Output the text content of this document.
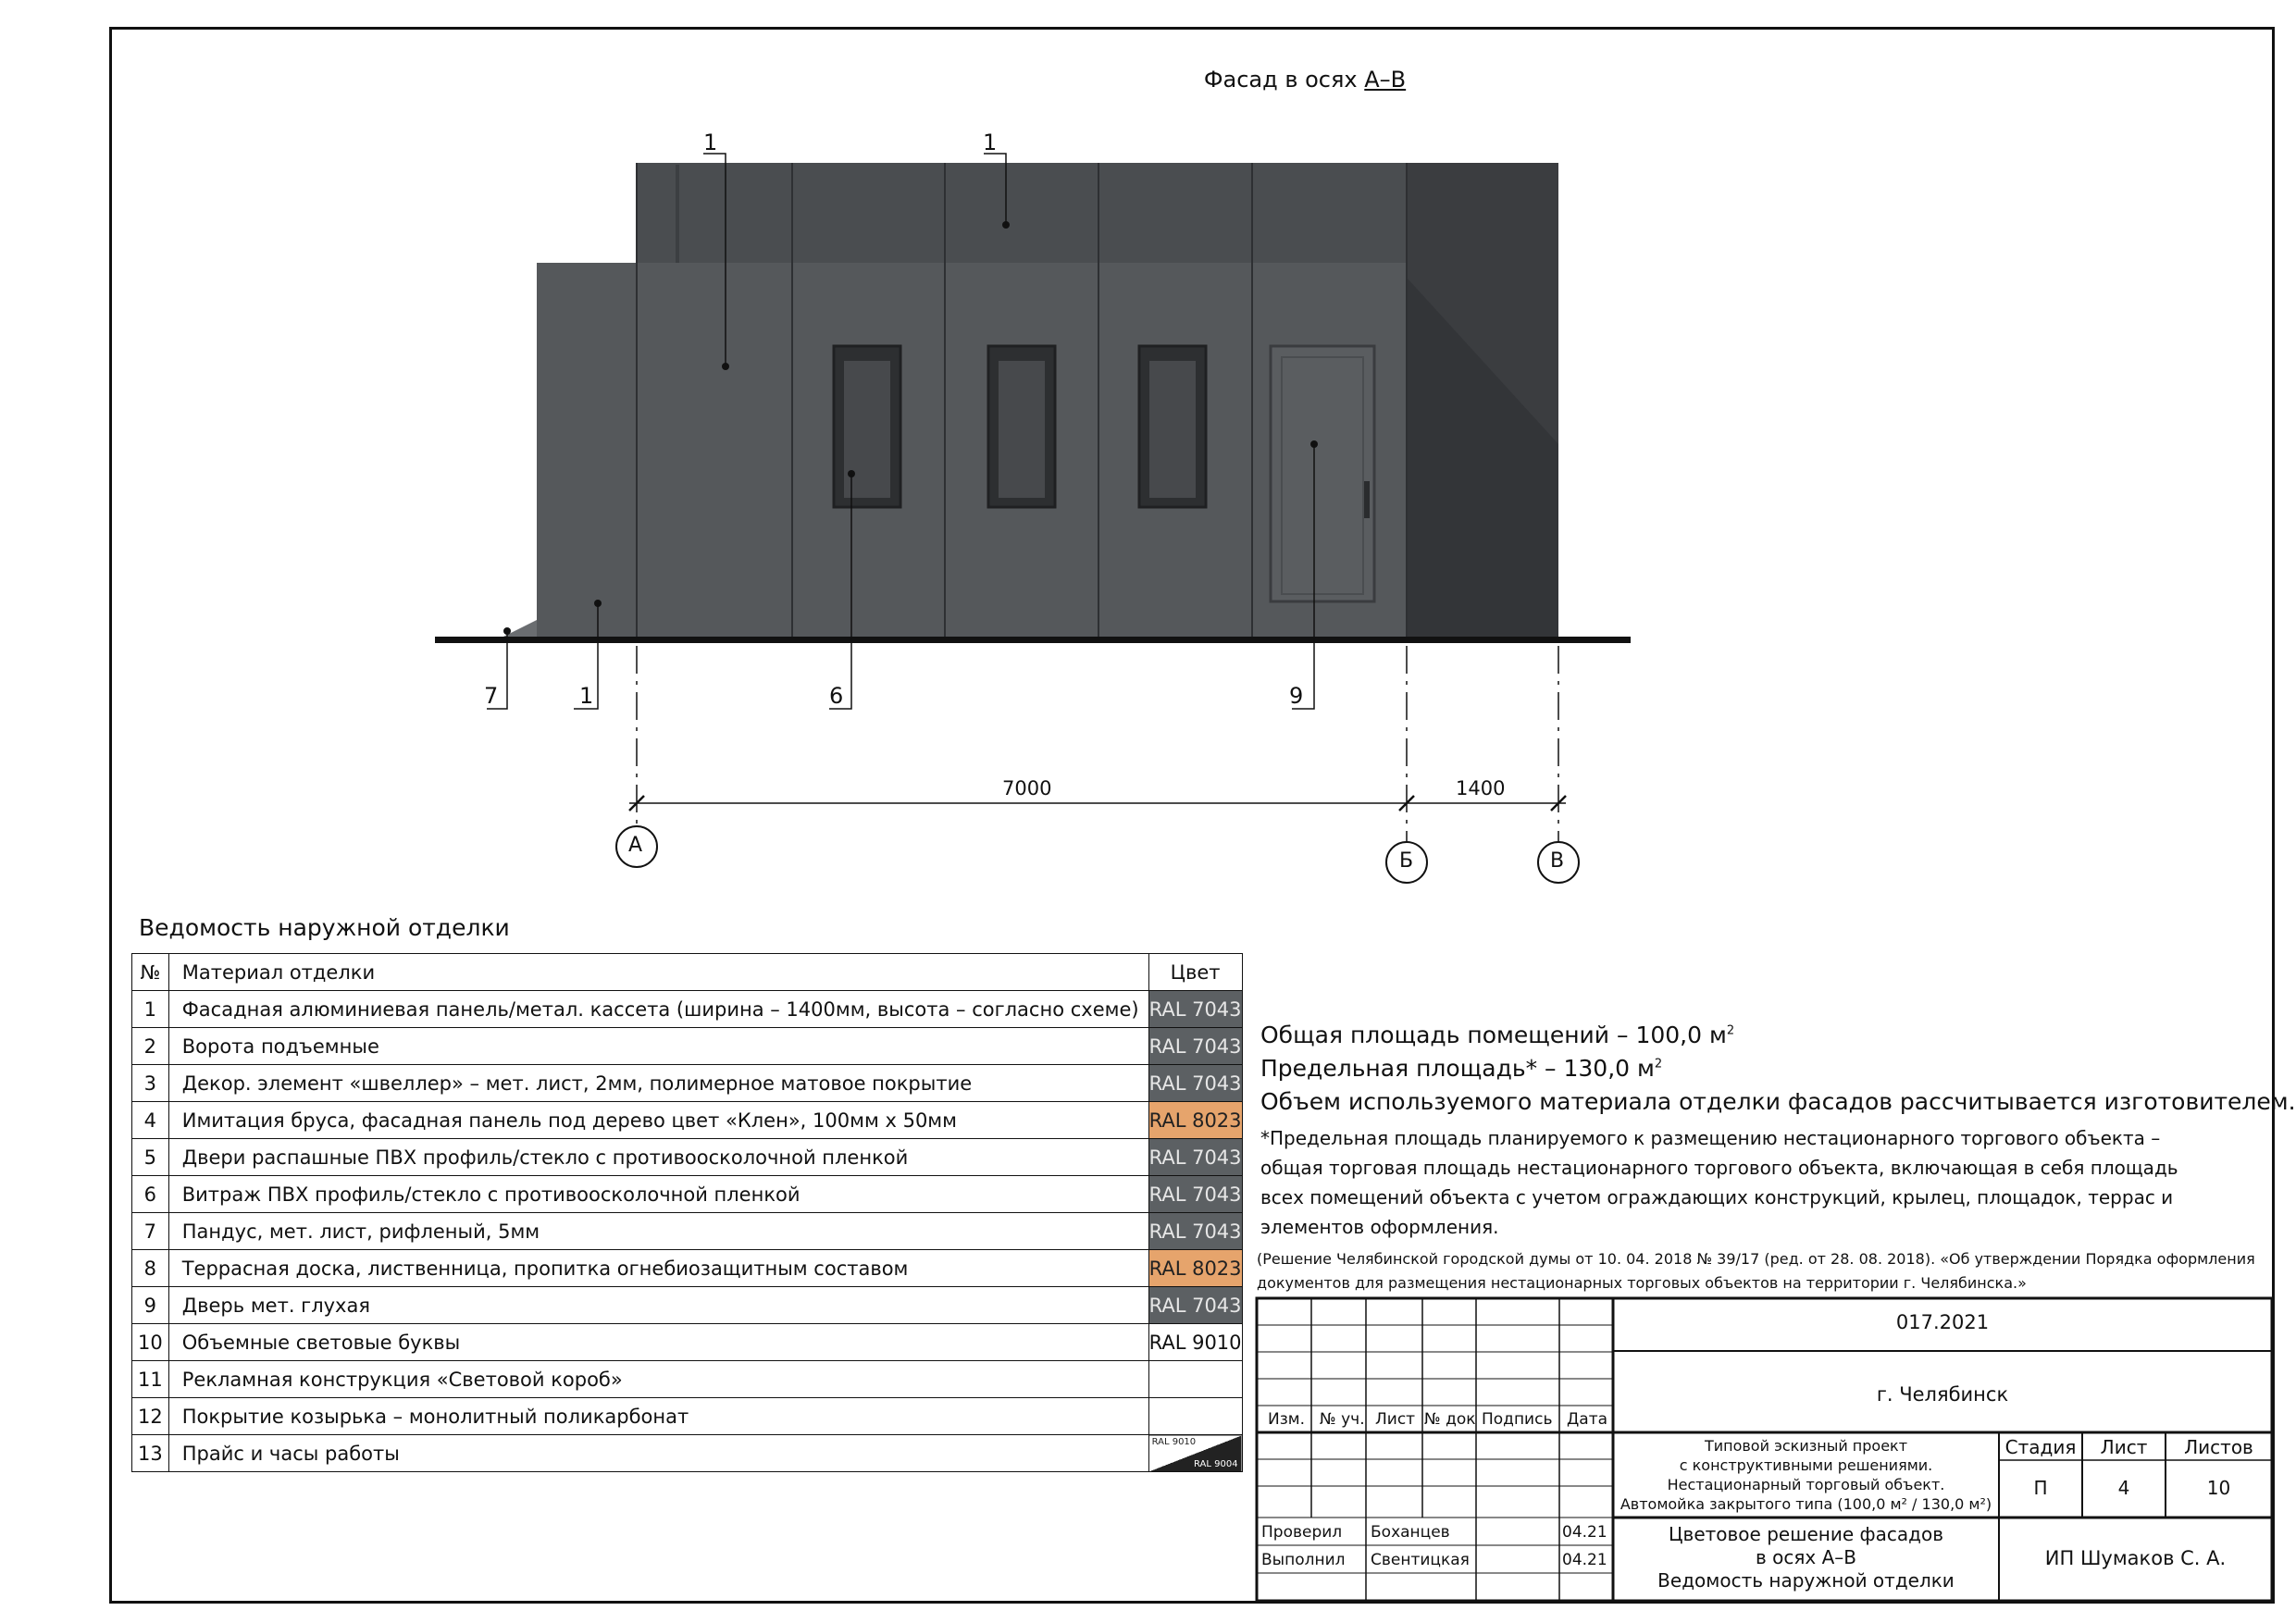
Фасад в осях А–В
1	1
7	1	6	9
7000	1400
А
Б	В
Ведомость наружной отделки
№	Материал отделки	Цвет
1	Фасадная алюминиевая панель/метал. кассета (ширина – 1400мм, высота – согласно схеме)	RAL 7043
2	Ворота подъемные	RAL 7043
3	Декор. элемент «швеллер» – мет. лист, 2мм, полимерное матовое покрытие	RAL 7043
4	Имитация бруса, фасадная панель под дерево цвет «Клен», 100мм х 50мм	RAL 8023
5	Двери распашные ПВХ профиль/стекло с противоосколочной пленкой	RAL 7043
6	Витраж ПВХ профиль/стекло с противоосколочной пленкой	RAL 7043
7	Пандус, мет. лист, рифленый, 5мм	RAL 7043
8	Террасная доска, лиственница, пропитка огнебиозащитным составом	RAL 8023
9	Дверь мет. глухая	RAL 7043
10	Объемные световые буквы	RAL 9010
11	Рекламная конструкция «Световой короб»	
12	Покрытие козырька – монолитный поликарбонат	
13	Прайс и часы работы	RAL 9010
RAL 9004
Общая площадь помещений – 100,0 $м^2$
Предельная площадь* – 130,0 $м^2$
Объем используемого материала отделки фасадов рассчитывается изготовителем.
*Предельная площадь планируемого к размещению нестационарного торгового объекта –
общая торговая площадь нестационарного торгового объекта, включающая в себя площадь
всех помещений объекта с учетом ограждающих конструкций, крылец, площадок, террас и
элементов оформления.
(Решение Челябинской городской думы от 10. 04. 2018 № 39/17 (ред. от 28. 08. 2018). «Об утверждении Порядка оформления
документов для размещения нестационарных торговых объектов на территории г. Челябинска.»
017.2021
г. Челябинск
Изм. № уч. Лист № док Подпись Дата
Типовой эскизный проект
с конструктивными решениями.
Нестационарный торговый объект.
Автомойка закрытого типа (100,0 м² / 130,0 м²)
Стадия	Лист	Листов
П	4	10
Проверил Боханцев	04.21
Выполнил Свентицкая	04.21
Цветовое решение фасадов
в осях А–В
Ведомость наружной отделки
ИП Шумаков С. А.
